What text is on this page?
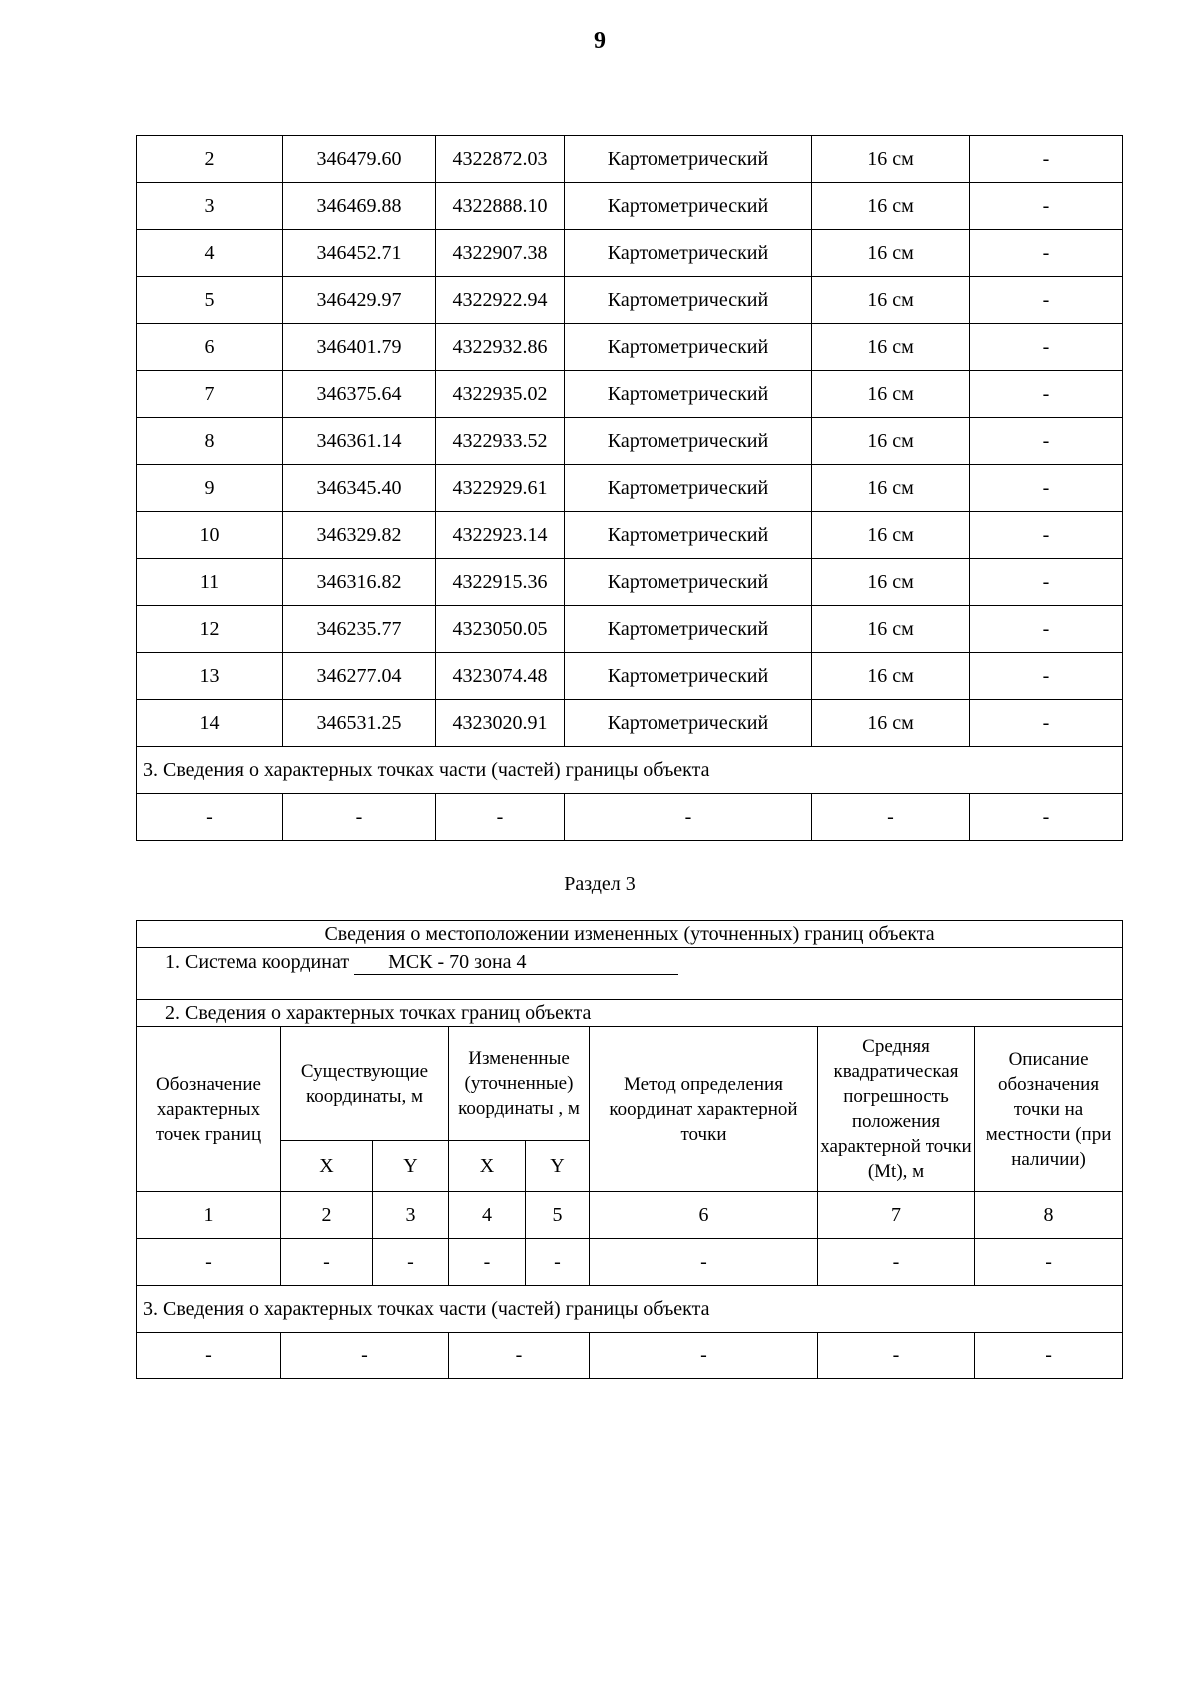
9
2	346479.60	4322872.03	Картометрический	16 см	-
3	346469.88	4322888.10	Картометрический	16 см	-
4	346452.71	4322907.38	Картометрический	16 см	-
5	346429.97	4322922.94	Картометрический	16 см	-
6	346401.79	4322932.86	Картометрический	16 см	-
7	346375.64	4322935.02	Картометрический	16 см	-
8	346361.14	4322933.52	Картометрический	16 см	-
9	346345.40	4322929.61	Картометрический	16 см	-
10	346329.82	4322923.14	Картометрический	16 см	-
11	346316.82	4322915.36	Картометрический	16 см	-
12	346235.77	4323050.05	Картометрический	16 см	-
13	346277.04	4323074.48	Картометрический	16 см	-
14	346531.25	4323020.91	Картометрический	16 см	-
3. Сведения о характерных точках части (частей) границы объекта					
-	-	-	-	-	-
Раздел 3
Сведения о местоположении измененных (уточненных) границ объекта							
1. Система координат МСК - 70 зона 4							
2. Сведения о характерных точках границ объекта							
Обозначение характерных точек границ	Существующие координаты, м		Измененные (уточненные) координаты , м		Метод определения координат характерной точки	Средняя квадратическая погрешность положения характерной точки (Mt), м	Описание обозначения точки на местности (при наличии)
	X	Y	X	Y			
1	2	3	4	5	6	7	8
-	-	-	-	-	-	-	-
3. Сведения о характерных точках части (частей) границы объекта							
-	-		-		-	-	-
